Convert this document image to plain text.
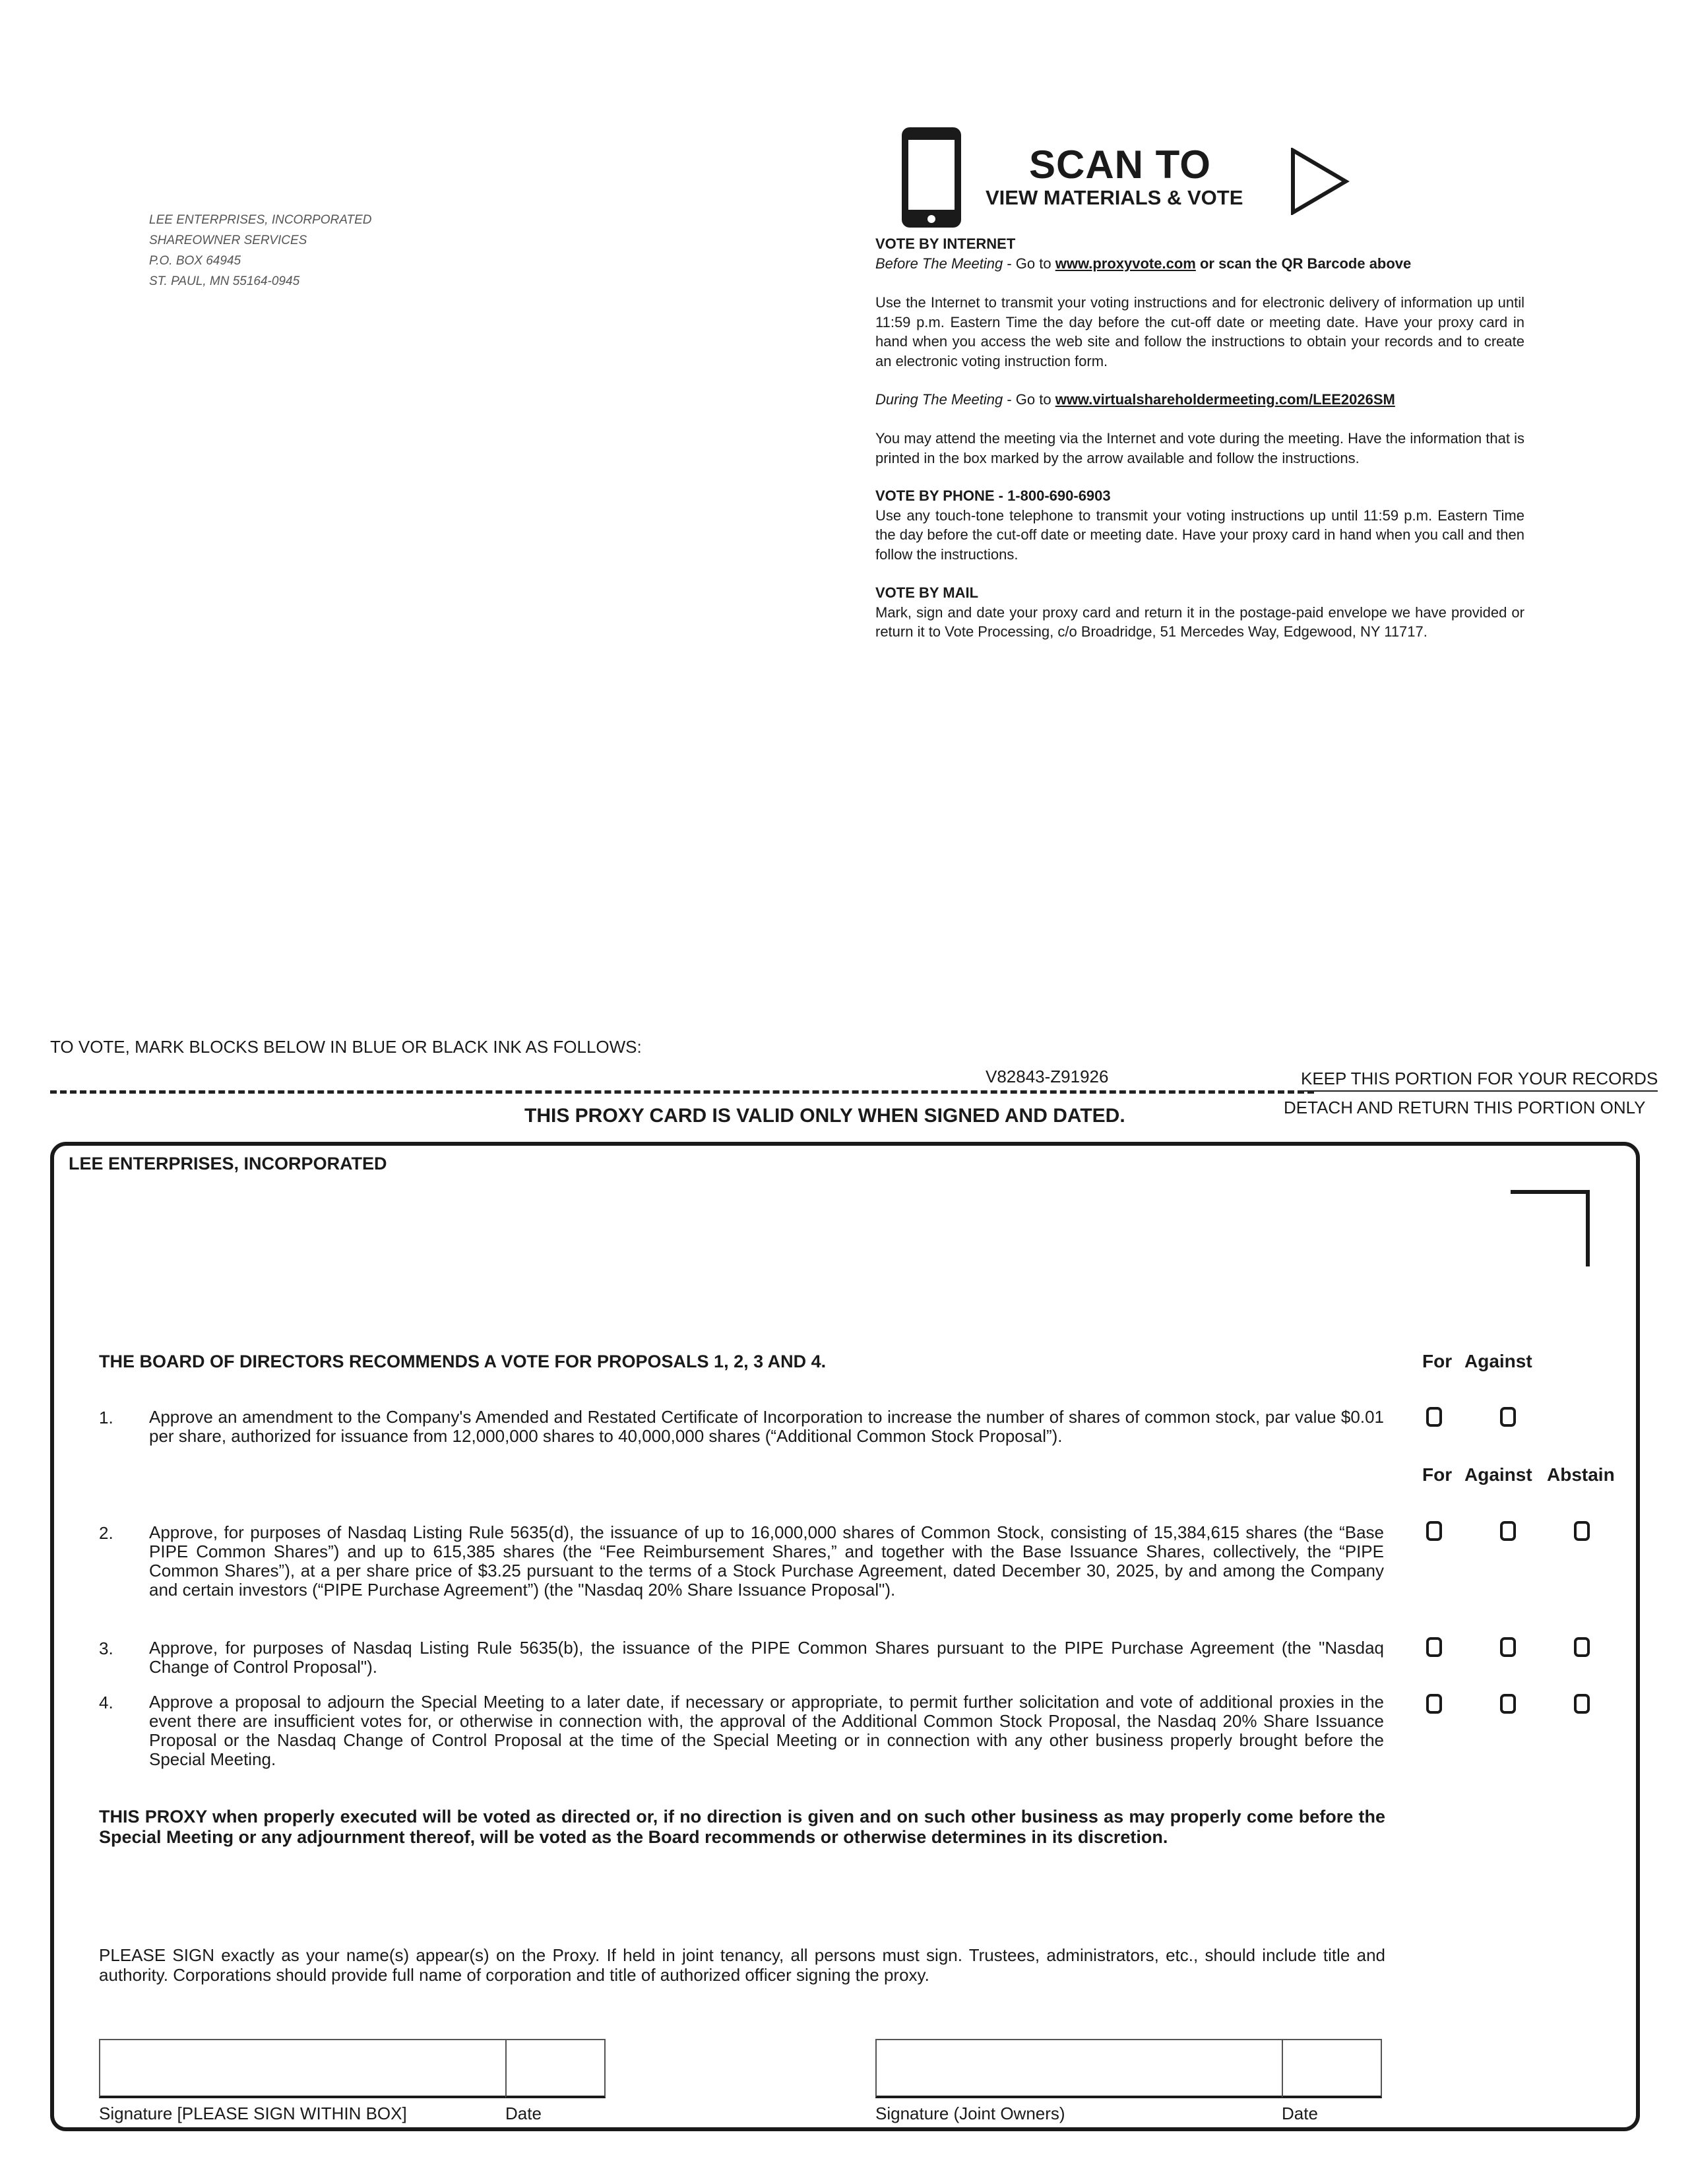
LEE ENTERPRISES, INCORPORATED
SHAREOWNER SERVICES
P.O. BOX 64945
ST. PAUL, MN 55164-0945
SCAN TO
VIEW MATERIALS & VOTE
VOTE BY INTERNET
Before The Meeting - Go to www.proxyvote.com or scan the QR Barcode above
Use the Internet to transmit your voting instructions and for electronic delivery of information up until 11:59 p.m. Eastern Time the day before the cut-off date or meeting date. Have your proxy card in hand when you access the web site and follow the instructions to obtain your records and to create an electronic voting instruction form.
During The Meeting - Go to www.virtualshareholdermeeting.com/LEE2026SM
You may attend the meeting via the Internet and vote during the meeting. Have the information that is printed in the box marked by the arrow available and follow the instructions.
VOTE BY PHONE - 1-800-690-6903
Use any touch-tone telephone to transmit your voting instructions up until 11:59 p.m. Eastern Time the day before the cut-off date or meeting date. Have your proxy card in hand when you call and then follow the instructions.
VOTE BY MAIL
Mark, sign and date your proxy card and return it in the postage-paid envelope we have provided or return it to Vote Processing, c/o Broadridge, 51 Mercedes Way, Edgewood, NY 11717.
TO VOTE, MARK BLOCKS BELOW IN BLUE OR BLACK INK AS FOLLOWS:
V82843-Z91926	KEEP THIS PORTION FOR YOUR RECORDS
DETACH AND RETURN THIS PORTION ONLY
THIS PROXY CARD IS VALID ONLY WHEN SIGNED AND DATED.
LEE ENTERPRISES, INCORPORATED
THE BOARD OF DIRECTORS RECOMMENDS A VOTE FOR PROPOSALS 1, 2, 3 AND 4.	For Against
1. Approve an amendment to the Company's Amended and Restated Certificate of Incorporation to increase the number of shares of common stock, par value $0.01 per share, authorized for issuance from 12,000,000 shares to 40,000,000 shares (“Additional Common Stock Proposal”).
For Against Abstain
2. Approve, for purposes of Nasdaq Listing Rule 5635(d), the issuance of up to 16,000,000 shares of Common Stock, consisting of 15,384,615 shares (the “Base PIPE Common Shares”) and up to 615,385 shares (the “Fee Reimbursement Shares,” and together with the Base Issuance Shares, collectively, the “PIPE Common Shares”), at a per share price of $3.25 pursuant to the terms of a Stock Purchase Agreement, dated December 30, 2025, by and among the Company and certain investors (“PIPE Purchase Agreement”) (the "Nasdaq 20% Share Issuance Proposal").
3. Approve, for purposes of Nasdaq Listing Rule 5635(b), the issuance of the PIPE Common Shares pursuant to the PIPE Purchase Agreement (the "Nasdaq Change of Control Proposal").
4. Approve a proposal to adjourn the Special Meeting to a later date, if necessary or appropriate, to permit further solicitation and vote of additional proxies in the event there are insufficient votes for, or otherwise in connection with, the approval of the Additional Common Stock Proposal, the Nasdaq 20% Share Issuance Proposal or the Nasdaq Change of Control Proposal at the time of the Special Meeting or in connection with any other business properly brought before the Special Meeting.
THIS PROXY when properly executed will be voted as directed or, if no direction is given and on such other business as may properly come before the Special Meeting or any adjournment thereof, will be voted as the Board recommends or otherwise determines in its discretion.
PLEASE SIGN exactly as your name(s) appear(s) on the Proxy. If held in joint tenancy, all persons must sign. Trustees, administrators, etc., should include title and authority. Corporations should provide full name of corporation and title of authorized officer signing the proxy.
Signature [PLEASE SIGN WITHIN BOX]	Date	Signature (Joint Owners)	Date
